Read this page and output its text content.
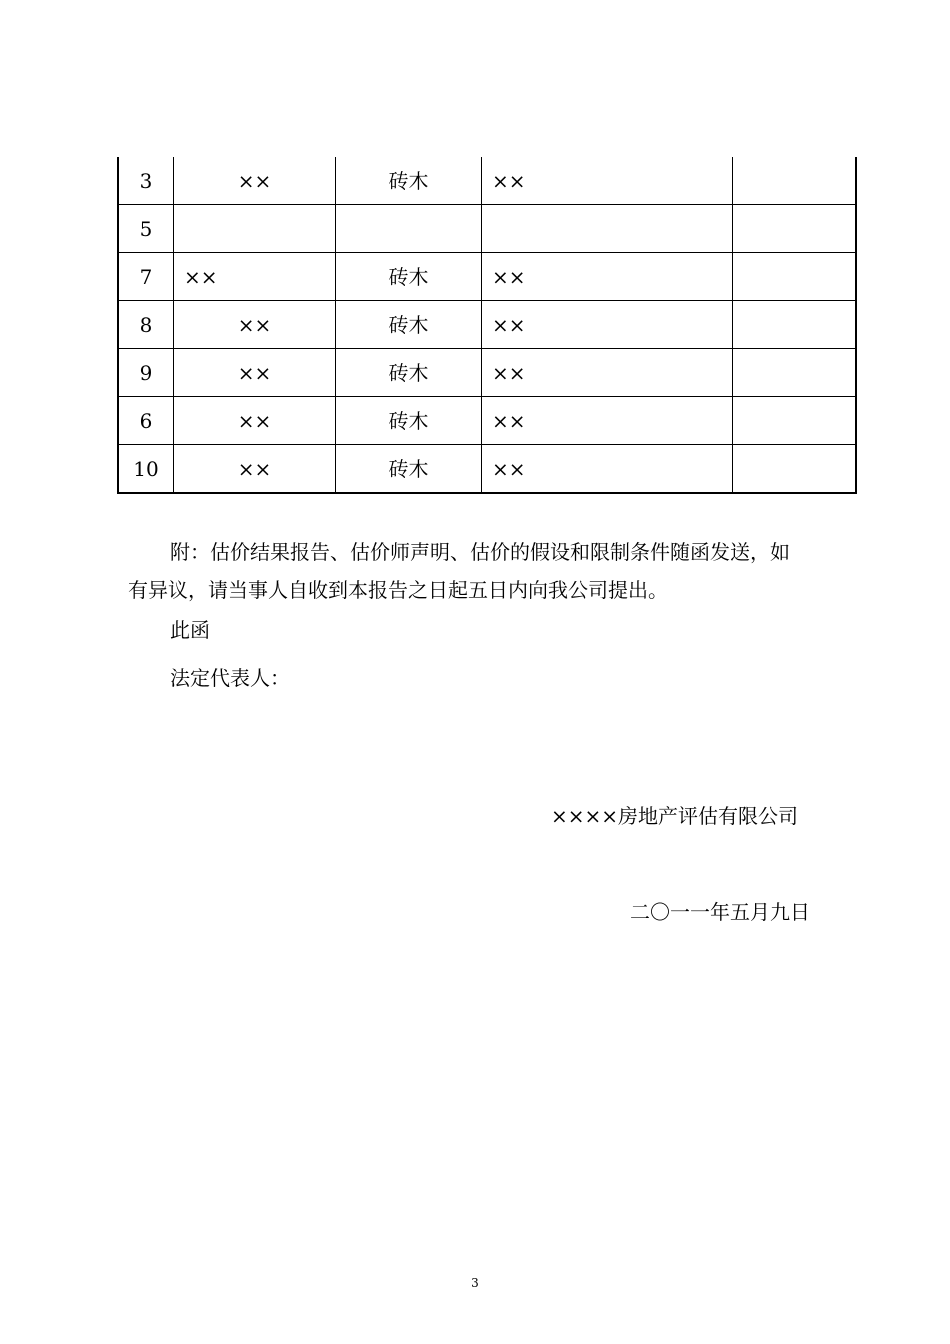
3	××	砖木	××	
5				
7	××	砖木	××	
8	××	砖木	××	
9	××	砖木	××	
6	××	砖木	××	
10	××	砖木	××	
附：估价结果报告、估价师声明、估价的假设和限制条件随函发送，如
有异议，请当事人自收到本报告之日起五日内向我公司提出。
此函
法定代表人：
××××房地产评估有限公司
二〇一一年五月九日
3
